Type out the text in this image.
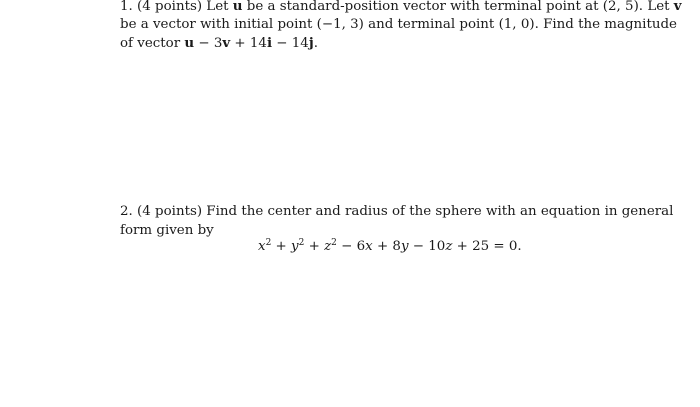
1. (4 points) Let u be a standard-position vector with terminal point at (2, 5). Let v
be a vector with initial point (−1, 3) and terminal point (1, 0). Find the magnitude
of vector u − 3v + 14i − 14j.
2. (4 points) Find the center and radius of the sphere with an equation in general
form given by
$x^2 + y^2 + z^2 - 6x + 8y - 10z + 25 = 0$.
